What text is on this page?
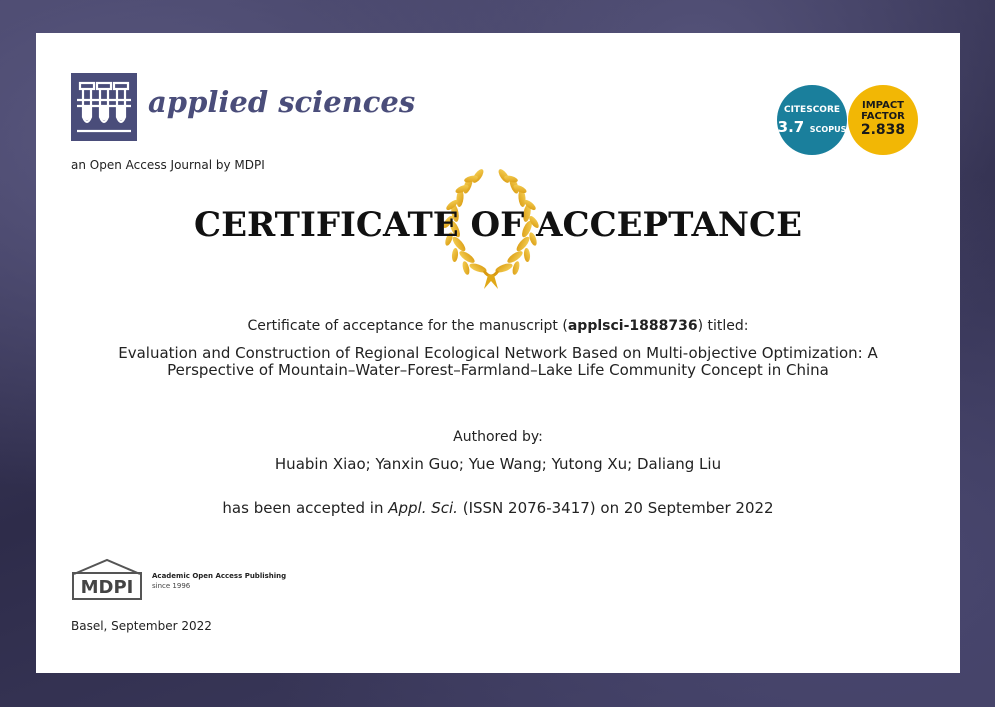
applied sciences
an Open Access Journal by MDPI
CITESCORE
3.7 SCOPUS
IMPACT
FACTOR
2.838
CERTIFICATE OF ACCEPTANCE
Certificate of acceptance for the manuscript (applsci-1888736) titled:
Evaluation and Construction of Regional Ecological Network Based on Multi-objective Optimization: A Perspective of Mountain–Water–Forest–Farmland–Lake Life Community Concept in China
Authored by:
Huabin Xiao; Yanxin Guo; Yue Wang; Yutong Xu; Daliang Liu
has been accepted in Appl. Sci. (ISSN 2076-3417) on 20 September 2022
MDPI
Academic Open Access Publishing
since 1996
Basel, September 2022
